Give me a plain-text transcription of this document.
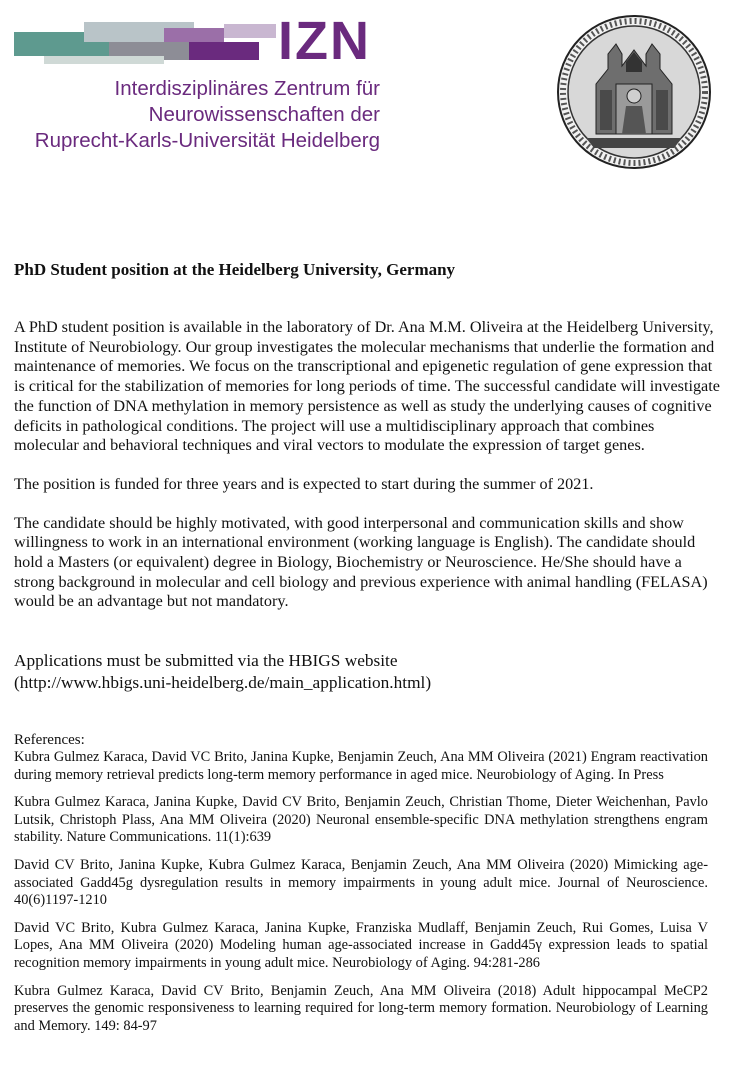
IZN
Interdisziplinäres Zentrum für
Neurowissenschaften der
Ruprecht-Karls-Universität Heidelberg
PhD Student position at the Heidelberg University, Germany

A PhD student position is available in the laboratory of Dr. Ana M.M. Oliveira at the Heidelberg University, Institute of Neurobiology. Our group investigates the molecular mechanisms that underlie the formation and maintenance of memories. We focus on the transcriptional and epigenetic regulation of gene expression that is critical for the stabilization of memories for long periods of time. The successful candidate will investigate the function of DNA methylation in memory persistence as well as study the underlying causes of cognitive deficits in pathological conditions. The project will use a multidisciplinary approach that combines molecular and behavioral techniques and viral vectors to modulate the expression of target genes.

The position is funded for three years and is expected to start during the summer of 2021.

The candidate should be highly motivated, with good interpersonal and communication skills and show willingness to work in an international environment (working language is English). The candidate should hold a Masters (or equivalent) degree in Biology, Biochemistry or Neuroscience. He/She should have a strong background in molecular and cell biology and previous experience with animal handling (FELASA) would be an advantage but not mandatory.

Applications must be submitted via the HBIGS website
(http://www.hbigs.uni-heidelberg.de/main_application.html)

References:

Kubra Gulmez Karaca, David VC Brito, Janina Kupke, Benjamin Zeuch, Ana MM Oliveira (2021) Engram reactivation during memory retrieval predicts long-term memory performance in aged mice. Neurobiology of Aging. In Press

Kubra Gulmez Karaca, Janina Kupke, David CV Brito, Benjamin Zeuch, Christian Thome, Dieter Weichenhan, Pavlo Lutsik, Christoph Plass, Ana MM Oliveira (2020) Neuronal ensemble-specific DNA methylation strengthens engram stability. Nature Communications. 11(1):639

David CV Brito, Janina Kupke, Kubra Gulmez Karaca, Benjamin Zeuch, Ana MM Oliveira (2020) Mimicking age-associated Gadd45g dysregulation results in memory impairments in young adult mice. Journal of Neuroscience. 40(6)1197-1210

David VC Brito, Kubra Gulmez Karaca, Janina Kupke, Franziska Mudlaff, Benjamin Zeuch, Rui Gomes, Luisa V Lopes, Ana MM Oliveira (2020) Modeling human age-associated increase in Gadd45γ expression leads to spatial recognition memory impairments in young adult mice. Neurobiology of Aging. 94:281-286

Kubra Gulmez Karaca, David CV Brito, Benjamin Zeuch, Ana MM Oliveira (2018) Adult hippocampal MeCP2 preserves the genomic responsiveness to learning required for long-term memory formation. Neurobiology of Learning and Memory. 149: 84-97
